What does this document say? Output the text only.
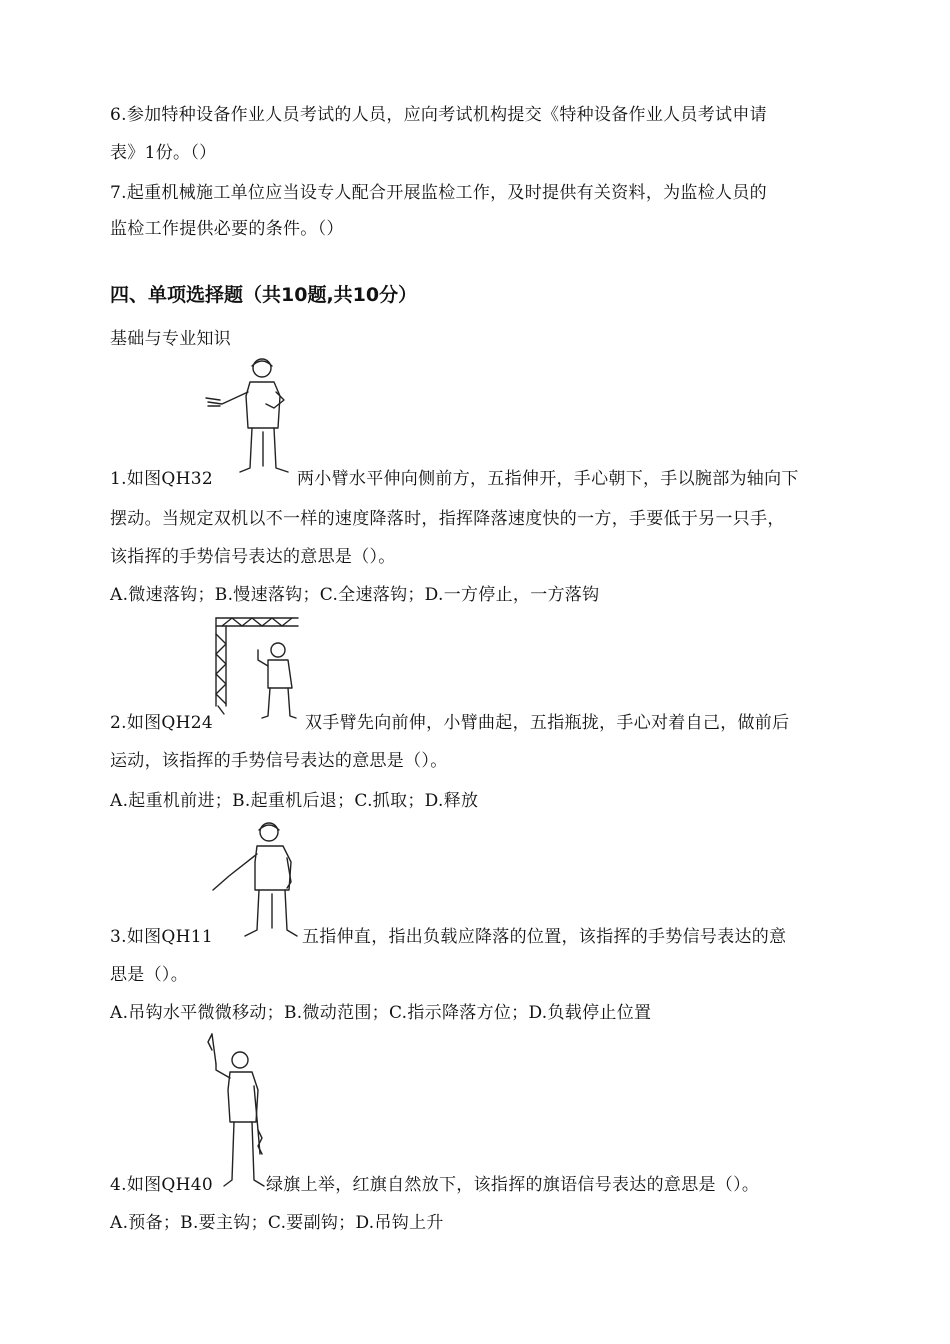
6.参加特种设备作业人员考试的人员，应向考试机构提交《特种设备作业人员考试申请
表》1份。（）
7.起重机械施工单位应当设专人配合开展监检工作，及时提供有关资料，为监检人员的
监检工作提供必要的条件。（）
四、单项选择题（共10题,共10分）
基础与专业知识
1.如图QH32	两小臂水平伸向侧前方，五指伸开，手心朝下，手以腕部为轴向下
摆动。当规定双机以不一样的速度降落时，指挥降落速度快的一方，手要低于另一只手，
该指挥的手势信号表达的意思是（）。
A.微速落钩；B.慢速落钩；C.全速落钩；D.一方停止，一方落钩
2.如图QH24	双手臂先向前伸，小臂曲起，五指瓶拢，手心对着自己，做前后
运动，该指挥的手势信号表达的意思是（）。
A.起重机前进；B.起重机后退；C.抓取；D.释放
3.如图QH11	五指伸直，指出负载应降落的位置，该指挥的手势信号表达的意
思是（）。
A.吊钩水平微微移动；B.微动范围；C.指示降落方位；D.负载停止位置
4.如图QH40	绿旗上举，红旗自然放下，该指挥的旗语信号表达的意思是（）。
A.预备；B.要主钩；C.要副钩；D.吊钩上升
